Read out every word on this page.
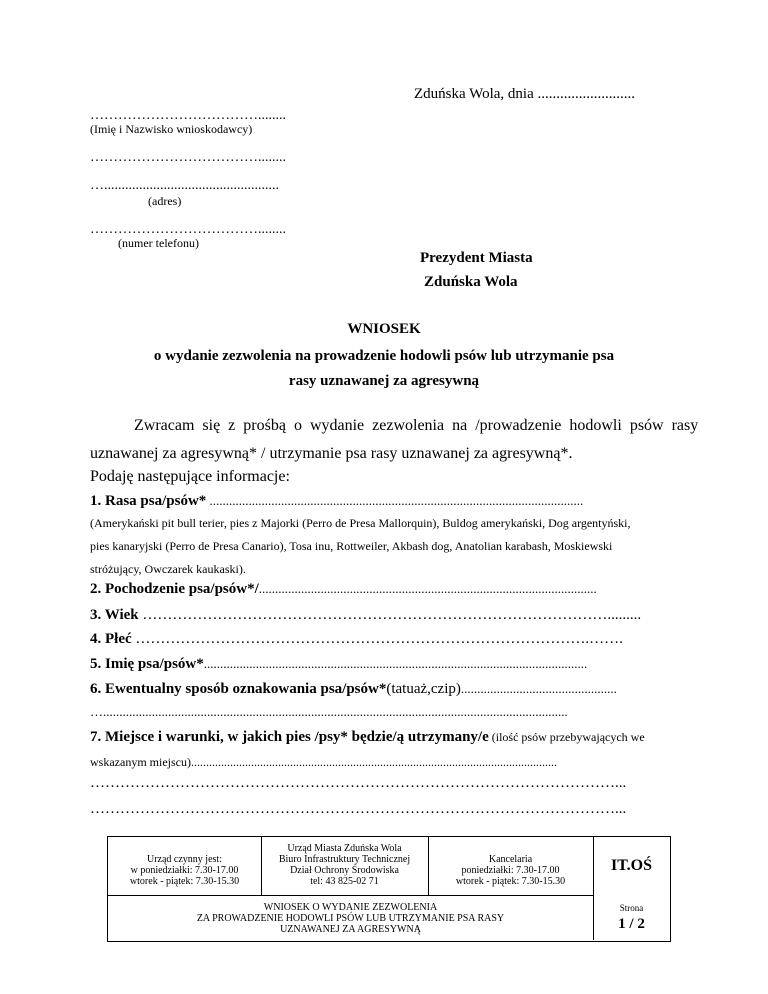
Zduńska Wola, dnia ..........................
………………………………........
(Imię i Nazwisko wnioskodawcy)
………………………………........
…..................................................
(adres)
………………………………........
(numer telefonu)
Prezydent Miasta
Zduńska Wola
WNIOSEK
o wydanie zezwolenia na prowadzenie hodowli psów lub utrzymanie psa
rasy uznawanej za agresywną
Zwracam się z prośbą o wydanie zezwolenia na /prowadzenie hodowli psów rasy
uznawanej za agresywną* / utrzymanie psa rasy uznawanej za agresywną*.
Podaję następujące informacje:
1. Rasa psa/psów* ...................................................................................................................
(Amerykański pit bull terier, pies z Majorki (Perro de Presa Mallorquin), Buldog amerykański, Dog argentyński,
pies kanaryjski (Perro de Presa Canario), Tosa inu, Rottweiler, Akbash dog, Anatolian karabash, Moskiewski
stróżujący, Owczarek kaukaski).
2. Pochodzenie psa/psów*/........................................................................................................
3. Wiek ………………………………………………………………………………….........
4. Płeć ……………………………………………………………………………….…….
5. Imię psa/psów*......................................................................................................................
6. Ewentualny sposób oznakowania psa/psów*(tatuaż,czip)................................................
…...............................................................................................................................................
7. Miejsce i warunki, w jakich pies /psy* będzie/ą utrzymany/e (ilość psów przebywających we
wskazanym miejscu)..........................................................................................................................
……………………………………………………………………………………………...
……………………………………………………………………………………………...
Urząd czynny jest:
w poniedziałki: 7.30-17.00
wtorek - piątek: 7.30-15.30
Urząd Miasta Zduńska Wola
Biuro Infrastruktury Technicznej
Dział Ochrony Środowiska
tel: 43 825-02 71
Kancelaria
poniedziałki: 7.30-17.00
wtorek - piątek: 7.30-15.30
IT.OŚ
WNIOSEK O WYDANIE ZEZWOLENIA
ZA PROWADZENIE HODOWLI PSÓW LUB UTRZYMANIE PSA RASY
UZNAWANEJ ZA AGRESYWNĄ
Strona
1 / 2
